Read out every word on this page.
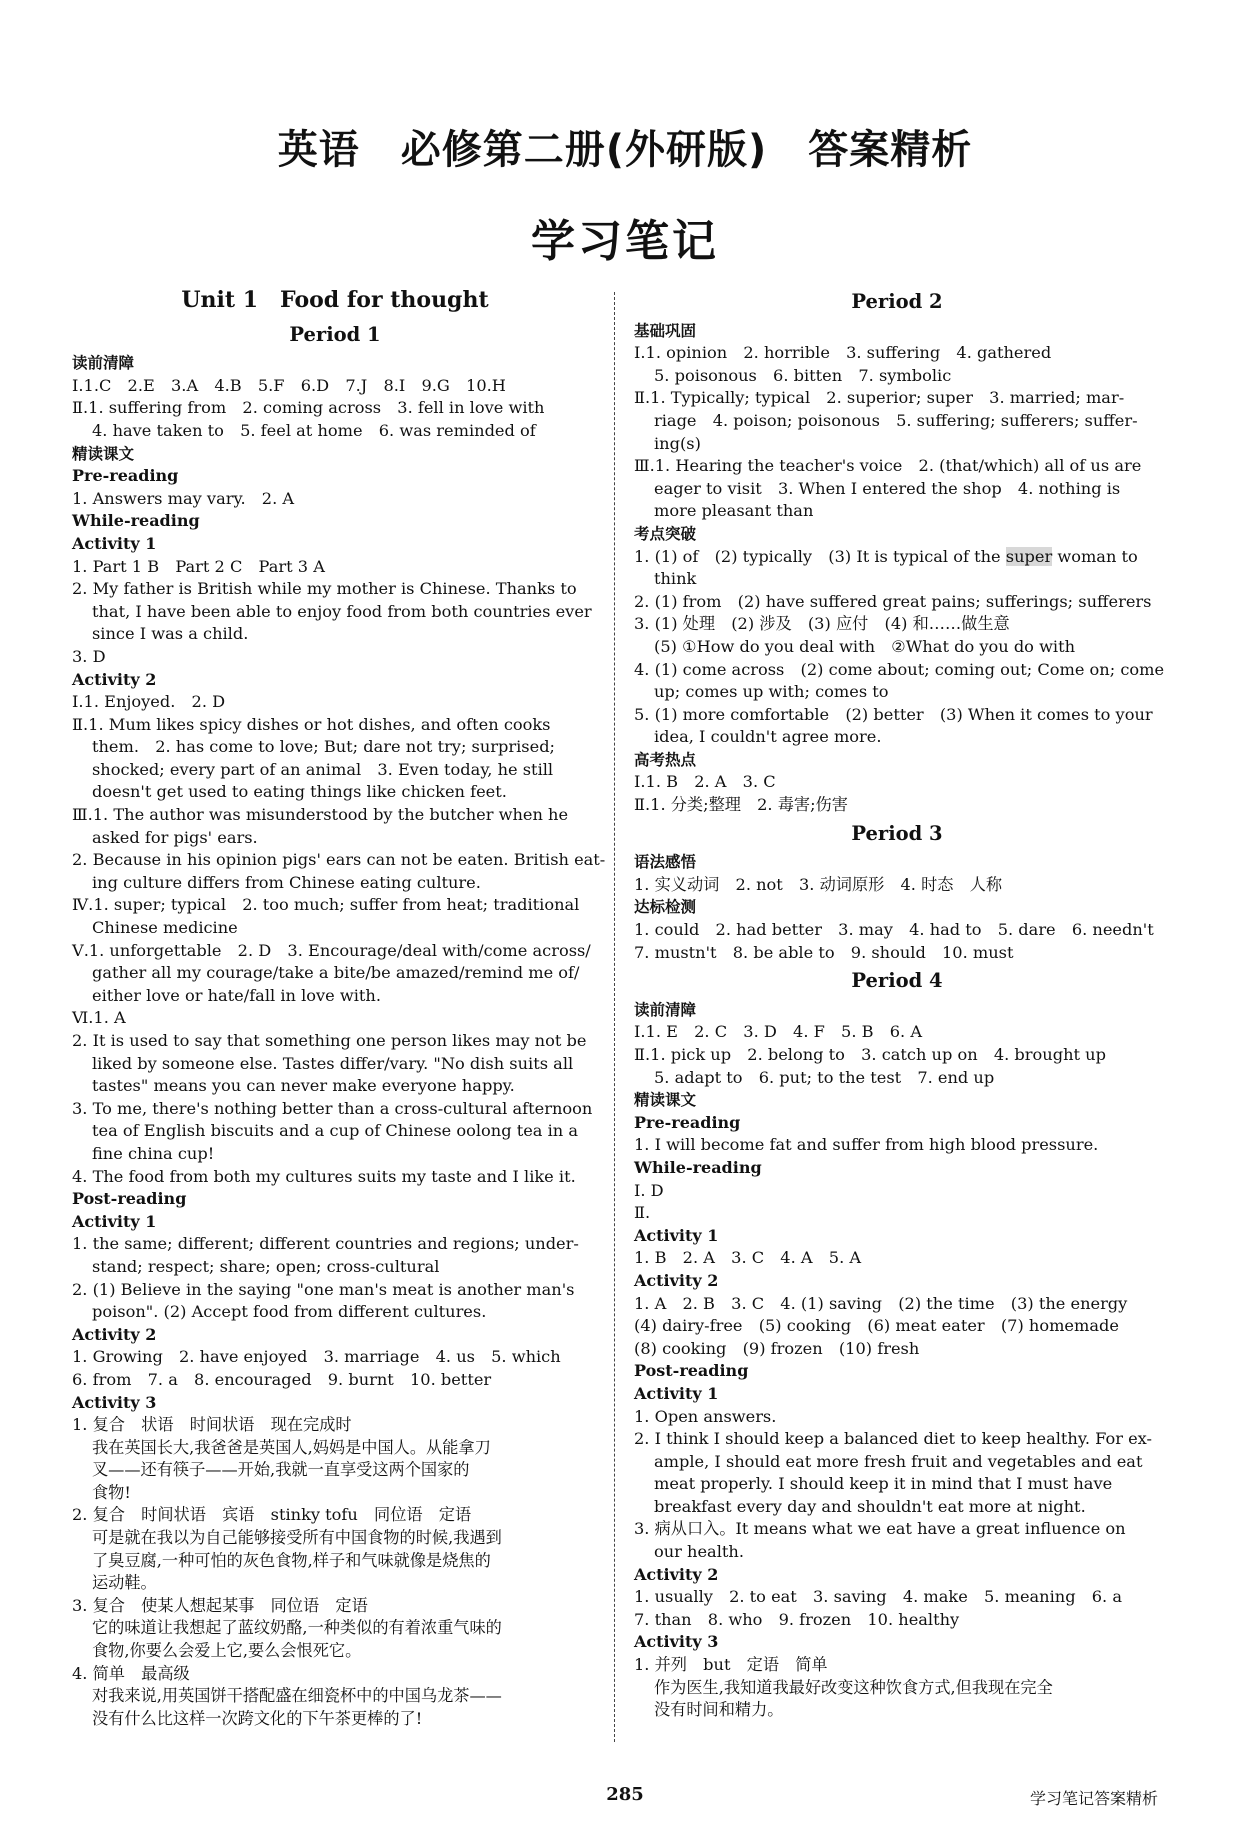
英语　必修第二册(外研版)　答案精析
学习笔记
Unit 1　Food for thought
Period 1
读前清障
Ⅰ.1.C　2.E　3.A　4.B　5.F　6.D　7.J　8.I　9.G　10.H
Ⅱ.1. suffering from　2. coming across　3. fell in love with
4. have taken to　5. feel at home　6. was reminded of
精读课文
Pre-reading
1. Answers may vary.　2. A
While-reading
Activity 1
1. Part 1 B　Part 2 C　Part 3 A
2. My father is British while my mother is Chinese. Thanks to
that, I have been able to enjoy food from both countries ever
since I was a child.
3. D
Activity 2
Ⅰ.1. Enjoyed.　2. D
Ⅱ.1. Mum likes spicy dishes or hot dishes, and often cooks
them.　2. has come to love; But; dare not try; surprised;
shocked; every part of an animal　3. Even today, he still
doesn't get used to eating things like chicken feet.
Ⅲ.1. The author was misunderstood by the butcher when he
asked for pigs' ears.
2. Because in his opinion pigs' ears can not be eaten. British eat-
ing culture differs from Chinese eating culture.
Ⅳ.1. super; typical　2. too much; suffer from heat; traditional
Chinese medicine
Ⅴ.1. unforgettable　2. D　3. Encourage/deal with/come across/
gather all my courage/take a bite/be amazed/remind me of/
either love or hate/fall in love with.
Ⅵ.1. A
2. It is used to say that something one person likes may not be
liked by someone else. Tastes differ/vary. "No dish suits all
tastes" means you can never make everyone happy.
3. To me, there's nothing better than a cross-cultural afternoon
tea of English biscuits and a cup of Chinese oolong tea in a
fine china cup!
4. The food from both my cultures suits my taste and I like it.
Post-reading
Activity 1
1. the same; different; different countries and regions; under-
stand; respect; share; open; cross-cultural
2. (1) Believe in the saying "one man's meat is another man's
poison". (2) Accept food from different cultures.
Activity 2
1. Growing　2. have enjoyed　3. marriage　4. us　5. which
6. from　7. a　8. encouraged　9. burnt　10. better
Activity 3
1. 复合　状语　时间状语　现在完成时
我在英国长大,我爸爸是英国人,妈妈是中国人。从能拿刀
叉——还有筷子——开始,我就一直享受这两个国家的
食物!
2. 复合　时间状语　宾语　stinky tofu　同位语　定语
可是就在我以为自己能够接受所有中国食物的时候,我遇到
了臭豆腐,一种可怕的灰色食物,样子和气味就像是烧焦的
运动鞋。
3. 复合　使某人想起某事　同位语　定语
它的味道让我想起了蓝纹奶酪,一种类似的有着浓重气味的
食物,你要么会爱上它,要么会恨死它。
4. 简单　最高级
对我来说,用英国饼干搭配盛在细瓷杯中的中国乌龙茶——
没有什么比这样一次跨文化的下午茶更棒的了!
Period 2
基础巩固
Ⅰ.1. opinion　2. horrible　3. suffering　4. gathered
5. poisonous　6. bitten　7. symbolic
Ⅱ.1. Typically; typical　2. superior; super　3. married; mar-
riage　4. poison; poisonous　5. suffering; sufferers; suffer-
ing(s)
Ⅲ.1. Hearing the teacher's voice　2. (that/which) all of us are
eager to visit　3. When I entered the shop　4. nothing is
more pleasant than
考点突破
1. (1) of　(2) typically　(3) It is typical of the super woman to
think
2. (1) from　(2) have suffered great pains; sufferings; sufferers
3. (1) 处理　(2) 涉及　(3) 应付　(4) 和……做生意
(5) ①How do you deal with　②What do you do with
4. (1) come across　(2) come about; coming out; Come on; come
up; comes up with; comes to
5. (1) more comfortable　(2) better　(3) When it comes to your
idea, I couldn't agree more.
高考热点
Ⅰ.1. B　2. A　3. C
Ⅱ.1. 分类;整理　2. 毒害;伤害
Period 3
语法感悟
1. 实义动词　2. not　3. 动词原形　4. 时态　人称
达标检测
1. could　2. had better　3. may　4. had to　5. dare　6. needn't
7. mustn't　8. be able to　9. should　10. must
Period 4
读前清障
Ⅰ.1. E　2. C　3. D　4. F　5. B　6. A
Ⅱ.1. pick up　2. belong to　3. catch up on　4. brought up
5. adapt to　6. put; to the test　7. end up
精读课文
Pre-reading
1. I will become fat and suffer from high blood pressure.
While-reading
Ⅰ. D
Ⅱ.
Activity 1
1. B　2. A　3. C　4. A　5. A
Activity 2
1. A　2. B　3. C　4. (1) saving　(2) the time　(3) the energy
(4) dairy-free　(5) cooking　(6) meat eater　(7) homemade
(8) cooking　(9) frozen　(10) fresh
Post-reading
Activity 1
1. Open answers.
2. I think I should keep a balanced diet to keep healthy. For ex-
ample, I should eat more fresh fruit and vegetables and eat
meat properly. I should keep it in mind that I must have
breakfast every day and shouldn't eat more at night.
3. 病从口入。It means what we eat have a great influence on
our health.
Activity 2
1. usually　2. to eat　3. saving　4. make　5. meaning　6. a
7. than　8. who　9. frozen　10. healthy
Activity 3
1. 并列　but　定语　简单
作为医生,我知道我最好改变这种饮食方式,但我现在完全
没有时间和精力。
285	学习笔记答案精析
